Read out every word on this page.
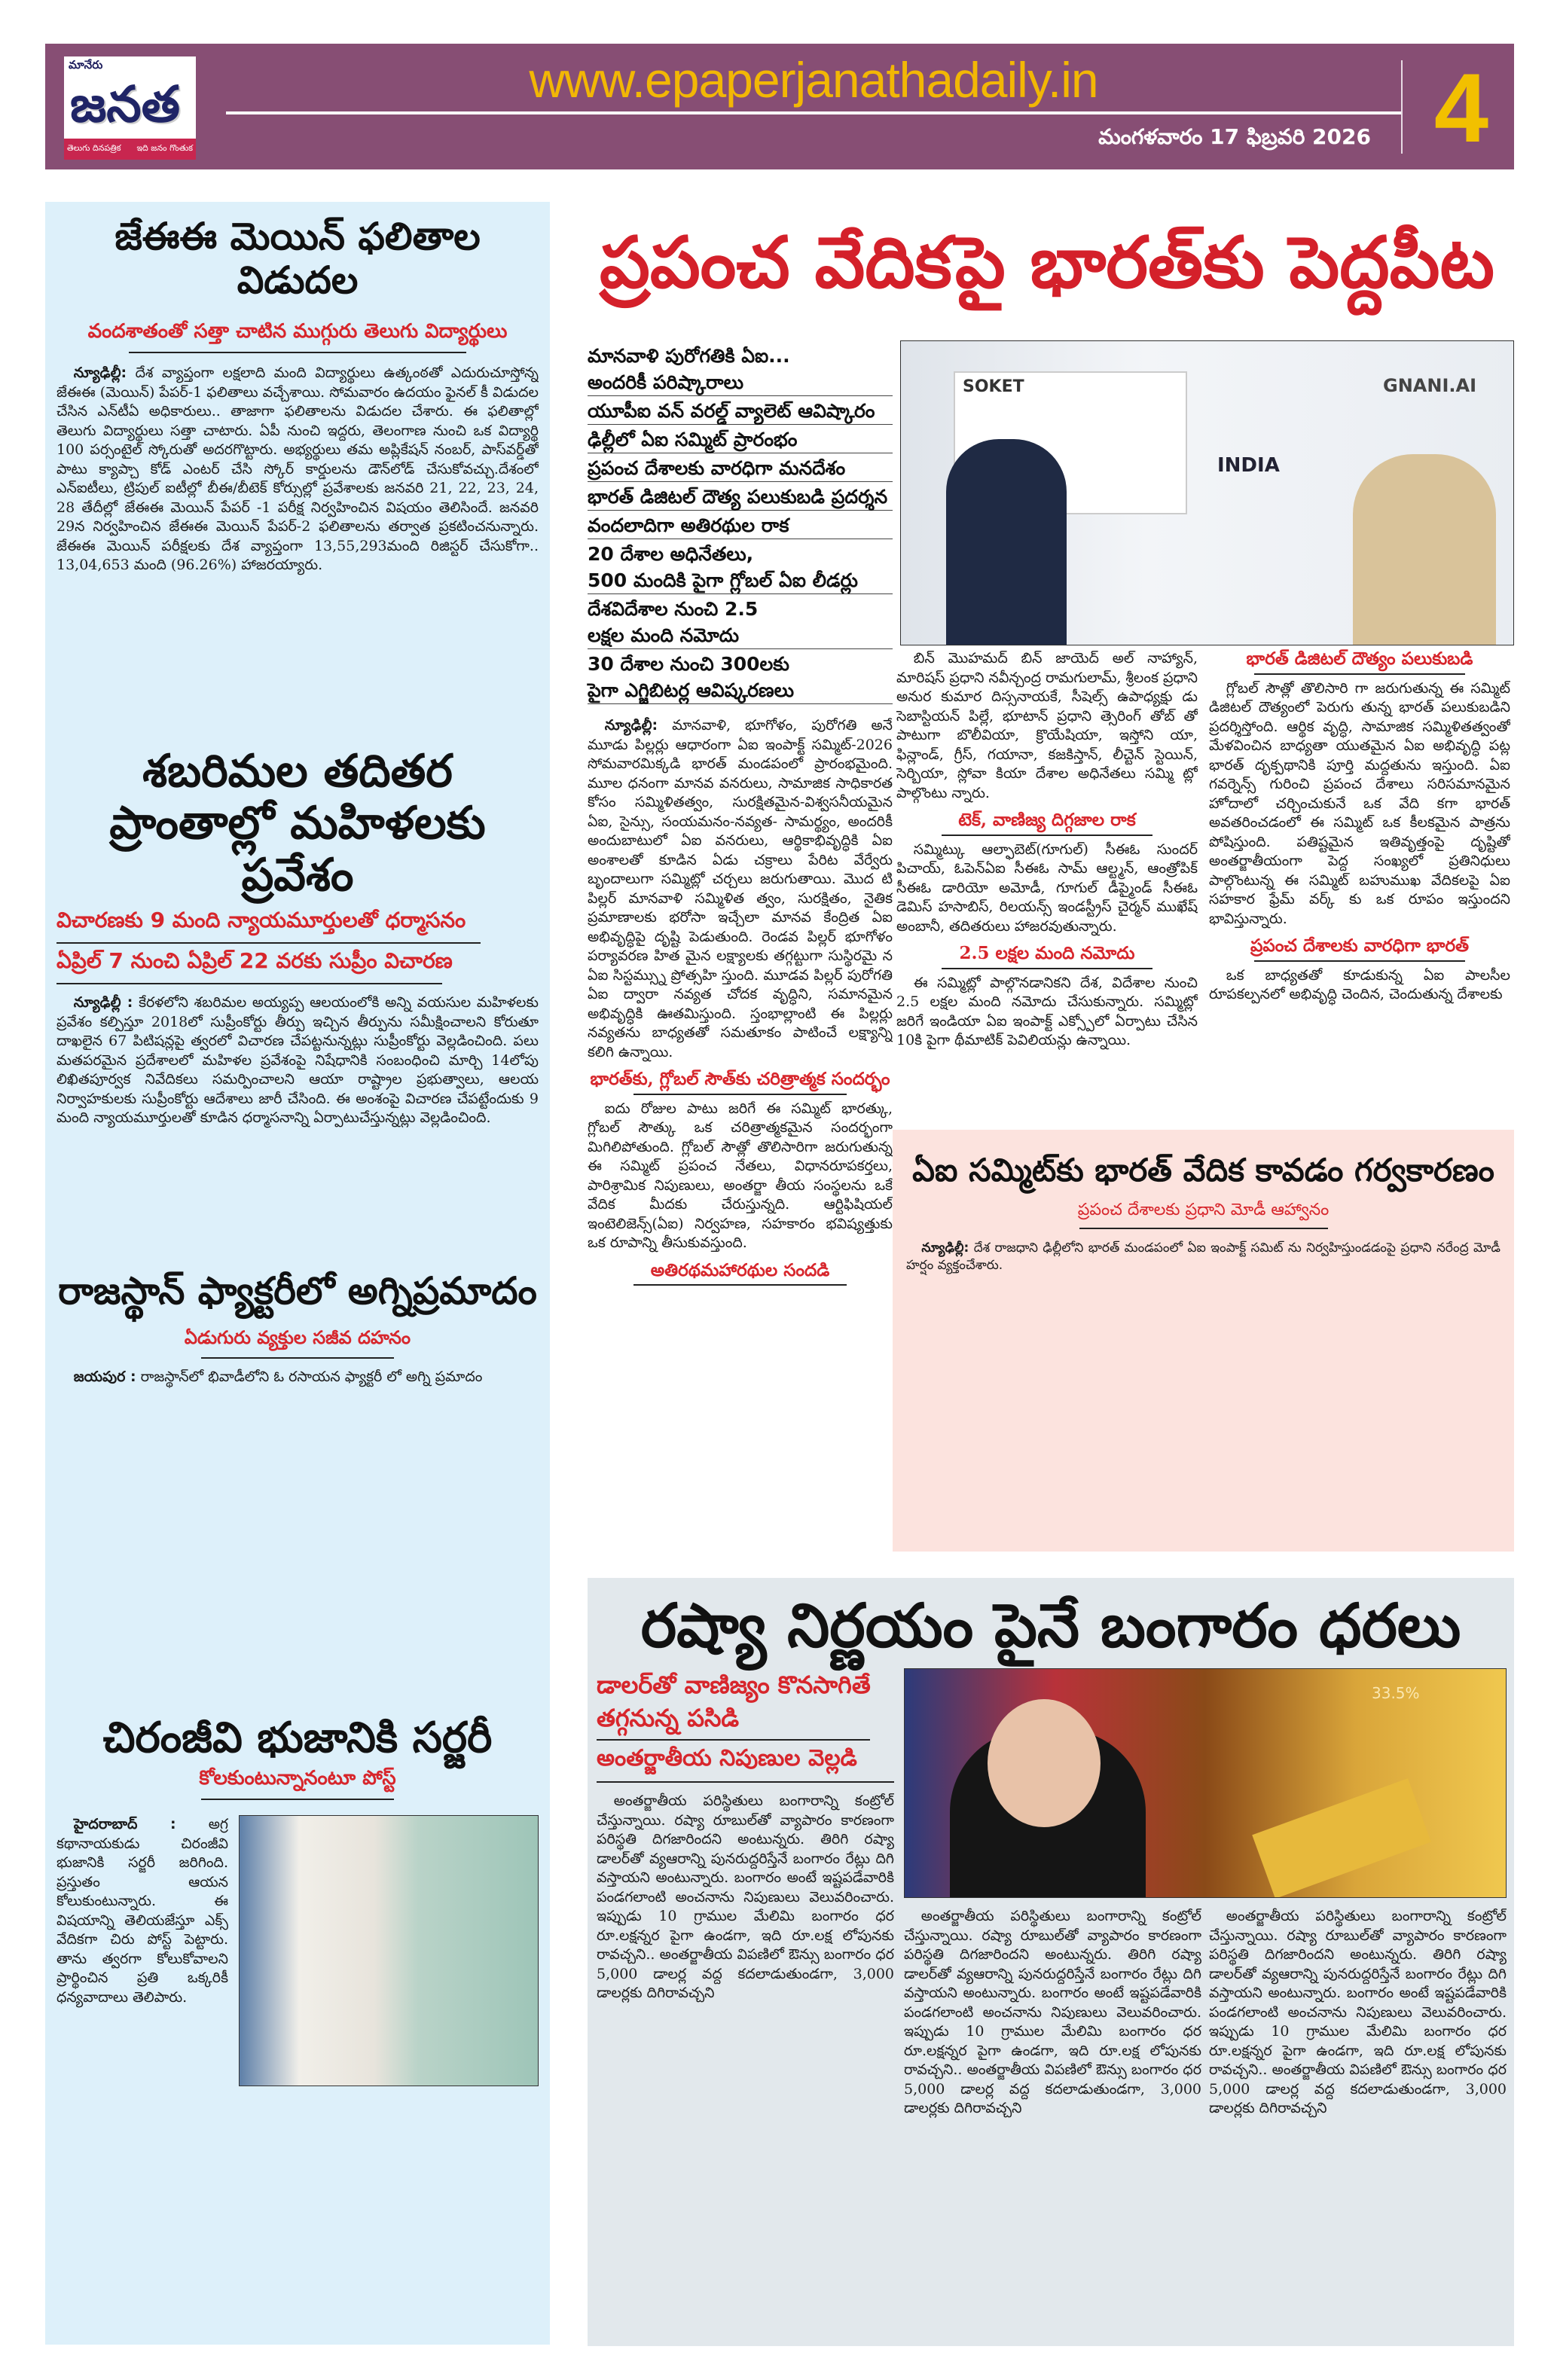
మానేరు
జనత
తెలుగు దినపత్రిక ఇది జనం గొంతుక
www.epaperjanathadaily.in
మంగళవారం 17 ఫిబ్రవరి 2026 4
జేఈఈ మెయిన్ ఫలితాల విడుదల
వందశాతంతో సత్తా చాటిన ముగ్గురు తెలుగు విద్యార్థులు

న్యూఢిల్లీ: దేశ వ్యాప్తంగా లక్షలాది మంది విద్యార్థులు ఉత్కంఠతో ఎదురుచూస్తోన్న జేఈఈ (మెయిన్) పేపర్-1 ఫలితాలు వచ్చేశాయి. సోమవారం ఉదయం ఫైనల్ కీ విడుదల చేసిన ఎన్‌టీఏ అధికారులు.. తాజాగా ఫలితాలను విడుదల చేశారు. ఈ ఫలితాల్లో తెలుగు విద్యార్థులు సత్తా చాటారు. ఏపీ నుంచి ఇద్దరు, తెలంగాణ నుంచి ఒక విద్యార్థి 100 పర్సంటైల్ స్కోరుతో అదరగొట్టారు. అభ్యర్థులు తమ అప్లికేషన్ నంబర్, పాస్‌వర్డ్‌తో పాటు క్యాప్చా కోడ్ ఎంటర్ చేసి స్కోర్ కార్డులను డౌన్‌లోడ్ చేసుకోవచ్చు.దేశంలో ఎన్ఐటీలు, ట్రిపుల్ ఐటీల్లో బీఈ/బీటెక్ కోర్సుల్లో ప్రవేశాలకు జనవరి 21, 22, 23, 24, 28 తేదీల్లో జేఈఈ మెయిన్ పేపర్ -1 పరీక్ష నిర్వహించిన విషయం తెలిసిందే. జనవరి 29న నిర్వహించిన జేఈఈ మెయిన్ పేపర్-2 ఫలితాలను తర్వాత ప్రకటించనున్నారు. జేఈఈ మెయిన్ పరీక్షలకు దేశ వ్యాప్తంగా 13,55,293మంది రిజిస్టర్ చేసుకోగా.. 13,04,653 మంది (96.26%) హాజరయ్యారు.

శబరిమల తదితర ప్రాంతాల్లో మహిళలకు ప్రవేశం
విచారణకు 9 మంది న్యాయమూర్తులతో ధర్మాసనం
ఏప్రిల్ 7 నుంచి ఏప్రిల్ 22 వరకు సుప్రీం విచారణ

న్యూఢిల్లీ : కేరళలోని శబరిమల అయ్యప్ప ఆలయంలోకి అన్ని వయసుల మహిళలకు ప్రవేశం కల్పిస్తూ 2018లో సుప్రీంకోర్టు తీర్పు ఇచ్చిన తీర్పును సమీక్షించాలని కోరుతూ దాఖలైన 67 పిటిషన్లపై త్వరలో విచారణ చేపట్టనున్నట్లు సుప్రీంకోర్టు వెల్లడించింది. పలు మతపరమైన ప్రదేశాలలో మహిళల ప్రవేశంపై నిషేధానికి సంబంధించి మార్చి 14లోపు లిఖితపూర్వక నివేదికలు సమర్పించాలని ఆయా రాష్ట్రాల ప్రభుత్వాలు, ఆలయ నిర్వాహకులకు సుప్రీంకోర్టు ఆదేశాలు జారీ చేసింది. ఈ అంశంపై విచారణ చేపట్టేందుకు 9 మంది న్యాయమూర్తులతో కూడిన ధర్మాసనాన్ని ఏర్పాటుచేస్తున్నట్లు వెల్లడించింది.

రాజస్థాన్ ఫ్యాక్టరీలో అగ్నిప్రమాదం
ఏడుగురు వ్యక్తుల సజీవ దహనం

జయపుర : రాజస్థాన్‌లో భివాడీలోని ఓ రసాయన ఫ్యాక్టరీ లో అగ్ని ప్రమాదం

చిరంజీవి భుజానికి సర్జరీ
కోలకుంటున్నానంటూ పోస్ట్

హైదరాబాద్ : అగ్ర కథానాయకుడు చిరంజీవి భుజానికి సర్జరీ జరిగింది. ప్రస్తుతం ఆయన కోలుకుంటున్నారు. ఈ విషయాన్ని తెలియజేస్తూ ఎక్స్ వేదికగా చిరు పోస్ట్ పెట్టారు. తాను త్వరగా కోలుకోవాలని ప్రార్థించిన ప్రతి ఒక్కరికీ ధన్యవాదాలు తెలిపారు.

ప్రపంచ వేదికపై భారత్‌కు పెద్దపీట
మానవాళి పురోగతికి ఏఐ...
అందరికీ పరిష్కారాలు
యూపీఐ వన్ వరల్డ్ వ్యాలెట్ ఆవిష్కారం
ఢిల్లీలో ఏఐ సమ్మిట్ ప్రారంభం
ప్రపంచ దేశాలకు వారధిగా మనదేశం
భారత్ డిజిటల్ దౌత్య పలుకుబడి ప్రదర్శన
వందలాదిగా అతిరథుల రాక
20 దేశాల అధినేతలు,
500 మందికి పైగా గ్లోబల్ ఏఐ లీడర్లు
దేశవిదేశాల నుంచి 2.5
లక్షల మంది నమోదు
30 దేశాల నుంచి 300లకు
పైగా ఎగ్జిబిటర్ల ఆవిష్కరణలు

న్యూఢిల్లీ: మానవాళి, భూగోళం, పురోగతి అనే మూడు పిల్లర్లు ఆధారంగా ఏఐ ఇంపాక్ట్ సమ్మిట్-2026 సోమవారమిక్కడి భారత్ మండపంలో ప్రారంభమైంది. మూల ధనంగా మానవ వనరులు, సామాజిక సాధికారత కోసం సమ్మిళితత్వం, సురక్షితమైన-విశ్వసనీయమైన ఏఐ, సైన్సు, సంయమనం-నవ్యత- సామర్థ్యం, అందరికీ అందుబాటులో ఏఐ వనరులు, ఆర్థికాభివృద్ధికి ఏఐ అంశాలతో కూడిన ఏడు చక్రాలు పేరిట వేర్వేరు బృందాలుగా సమ్మిట్లో చర్చలు జరుగుతాయి. మొద టి పిల్లర్ మానవాళి సమ్మిళిత త్వం, సురక్షితం, నైతిక ప్రమాణాలకు భరోసా ఇచ్చేలా మానవ కేంద్రిత ఏఐ అభివృద్ధిపై దృష్టి పెడుతుంది. రెండవ పిల్లర్ భూగోళం పర్యావరణ హిత మైన లక్ష్యాలకు తగ్గట్టుగా సుస్థిరమై న ఏఐ సిస్టమ్స్ను ప్రోత్సహి స్తుంది. మూడవ పిల్లర్ పురోగతి ఏఐ ద్వారా నవ్యత చోదక వృద్ధిని, సమానమైన అభివృద్ధికి ఊతమిస్తుంది. స్తంభాల్లాంటి ఈ పిల్లర్లు నవ్యతను బాధ్యతతో సమతూకం పాటించే లక్ష్యాన్ని కలిగి ఉన్నాయి.

భారత్‌కు, గ్లోబల్ సౌత్‌కు చరిత్రాత్మక సందర్భం

ఐదు రోజుల పాటు జరిగే ఈ సమ్మిట్ భారత్కు, గ్లోబల్ సౌత్కు ఒక చరిత్రాత్మకమైన సందర్భంగా మిగిలిపోతుంది. గ్లోబల్ సౌత్లో తొలిసారిగా జరుగుతున్న ఈ సమ్మిట్ ప్రపంచ నేతలు, విధానరూపకర్తలు, పారిశ్రామిక నిపుణులు, అంతర్జా తీయ సంస్థలను ఒకే వేదిక మీదకు చేరుస్తున్నది. ఆర్టిఫిషియల్ ఇంటెలిజెన్స్(ఏఐ) నిర్వహణ, సహకారం భవిష్యత్తుకు ఒక రూపాన్ని తీసుకువస్తుంది.

అతిరథమహారథుల సందడి
SOKET	GNANI.AI
INDIA

బిన్ మొహమద్ బిన్ జాయెద్ అల్ నాహ్యాన్, మారిషస్ ప్రధాని నవీన్చంద్ర రామగులామ్, శ్రీలంక ప్రధాని అనుర కుమార దిస్సనాయకే, సీషెల్స్ ఉపాధ్యక్షు డు సెబాస్టియన్ పిల్లే, భూటాన్ ప్రధాని త్సెరింగ్ తోబ్ తో పాటుగా బొలీవియా, క్రొయేషియా, ఇస్తోని యా, ఫిన్లాండ్, గ్రీస్, గయానా, కజకిస్తాన్, లీచ్టెన్ స్టెయిన్, సెర్బియా, స్లోవా కియా దేశాల అధినేతలు సమ్మి ట్లో పాల్గొంటు న్నారు.

టెక్, వాణిజ్య దిగ్గజాల రాక

సమ్మిట్కు ఆల్ఫాబెట్(గూగుల్) సీఈఓ సుందర్ పిచాయ్, ఓపెన్ఏఐ సీఈఓ సామ్ ఆల్ట్మన్, ఆంత్రోపిక్ సీఈఓ డారియో అమోడీ, గూగుల్ డీప్మైండ్ సీఈఓ డెమిస్ హసాబిస్, రిలయన్స్ ఇండస్ట్రీస్ చైర్మన్ ముఖేష్ అంబానీ, తదితరులు హాజరవుతున్నారు.

2.5 లక్షల మంది నమోదు

ఈ సమ్మిట్లో పాల్గొనడానికని దేశ, విదేశాల నుంచి 2.5 లక్షల మంది నమోదు చేసుకున్నారు. సమ్మిట్లో జరిగే ఇండియా ఏఐ ఇంపాక్ట్ ఎక్స్పోలో ఏర్పాటు చేసిన 10కి పైగా థీమాటిక్ పెవిలియన్లు ఉన్నాయి.

భారత్ డిజిటల్ దౌత్యం పలుకుబడి

గ్లోబల్ సౌత్లో తొలిసారి గా జరుగుతున్న ఈ సమ్మిట్ డిజిటల్ దౌత్యంలో పెరుగు తున్న భారత్ పలుకుబడిని ప్రదర్శిస్తోంది. ఆర్థిక వృద్ధి, సామాజిక సమ్మిళితత్వంతో మేళవించిన బాధ్యతా యుతమైన ఏఐ అభివృద్ధి పట్ల భారత్ దృక్పథానికి పూర్తి మద్దతును ఇస్తుంది. ఏఐ గవర్నెన్స్ గురించి ప్రపంచ దేశాలు సరిసమానమైన హోదాలో చర్చించుకునే ఒక వేది కగా భారత్ అవతరించడంలో ఈ సమ్మిట్ ఒక కీలకమైన పాత్రను పోషిస్తుంది. పతిష్టమైన ఇతివృత్తంపై దృష్టితో అంతర్జాతీయంగా పెద్ద సంఖ్యలో ప్రతినిధులు పాల్గొంటున్న ఈ సమ్మిట్ బహుముఖ వేదికలపై ఏఐ సహకార ఫ్రేమ్ వర్క్ కు ఒక రూపం ఇస్తుందని భావిస్తున్నారు.

ప్రపంచ దేశాలకు వారధిగా భారత్

ఒక బాధ్యతతో కూడుకున్న ఏఐ పాలసీల రూపకల్పనలో అభివృద్ధి చెందిన, చెందుతున్న దేశాలకు

ఏఐ సమ్మిట్‌కు భారత్ వేదిక కావడం గర్వకారణం
ప్రపంచ దేశాలకు ప్రధాని మోడీ ఆహ్వానం

న్యూఢిల్లీ: దేశ రాజధాని ఢిల్లీలోని భారత్ మండపంలో ఏఐ ఇంపాక్ట్ సమిట్ ను నిర్వహిస్తుండడంపై ప్రధాని నరేంద్ర మోడీ హర్షం వ్యక్తంచేశారు.

రష్యా నిర్ణయం పైనే బంగారం ధరలు
డాలర్‌తో వాణిజ్యం కొనసాగితే తగ్గనున్న పసిడి
అంతర్జాతీయ నిపుణుల వెల్లడి

అంతర్జాతీయ పరిస్థితులు బంగారాన్ని కంట్రోల్ చేస్తున్నాయి. రష్యా రూబుల్‌తో వ్యాపారం కారణంగా పరిస్థతి దిగజారిందని అంటున్నరు. తిరిగి రష్యా డాలర్‌తో వ్యఆరాన్ని పునరుద్దరిస్తేనే బంగారం రేట్లు దిగి వస్తాయని అంటున్నారు. బంగారం అంటే ఇష్టపడేవారికి పండగలాంటి అంచనాను నిపుణులు వెలువరించారు. ఇప్పుడు 10 గ్రాముల మేలిమి బంగారం ధర రూ.లక్షన్నర పైగా ఉండగా, ఇది రూ.లక్ష లోపునకు రావచ్చని.. అంతర్జాతీయ విపణిలో ఔన్సు బంగారం ధర 5,000 డాలర్ల వద్ద కదలాడుతుండగా, 3,000 డాలర్లకు దిగిరావచ్చని

33.5%

అంతర్జాతీయ పరిస్థితులు బంగారాన్ని కంట్రోల్ చేస్తున్నాయి. రష్యా రూబుల్‌తో వ్యాపారం కారణంగా పరిస్థతి దిగజారిందని అంటున్నరు. తిరిగి రష్యా డాలర్‌తో వ్యఆరాన్ని పునరుద్దరిస్తేనే బంగారం రేట్లు దిగి వస్తాయని అంటున్నారు. బంగారం అంటే ఇష్టపడేవారికి పండగలాంటి అంచనాను నిపుణులు వెలువరించారు. ఇప్పుడు 10 గ్రాముల మేలిమి బంగారం ధర రూ.లక్షన్నర పైగా ఉండగా, ఇది రూ.లక్ష లోపునకు రావచ్చని.. అంతర్జాతీయ విపణిలో ఔన్సు బంగారం ధర 5,000 డాలర్ల వద్ద కదలాడుతుండగా, 3,000 డాలర్లకు దిగిరావచ్చని

అంతర్జాతీయ పరిస్థితులు బంగారాన్ని కంట్రోల్ చేస్తున్నాయి. రష్యా రూబుల్‌తో వ్యాపారం కారణంగా పరిస్థతి దిగజారిందని అంటున్నరు. తిరిగి రష్యా డాలర్‌తో వ్యఆరాన్ని పునరుద్దరిస్తేనే బంగారం రేట్లు దిగి వస్తాయని అంటున్నారు. బంగారం అంటే ఇష్టపడేవారికి పండగలాంటి అంచనాను నిపుణులు వెలువరించారు. ఇప్పుడు 10 గ్రాముల మేలిమి బంగారం ధర రూ.లక్షన్నర పైగా ఉండగా, ఇది రూ.లక్ష లోపునకు రావచ్చని.. అంతర్జాతీయ విపణిలో ఔన్సు బంగారం ధర 5,000 డాలర్ల వద్ద కదలాడుతుండగా, 3,000 డాలర్లకు దిగిరావచ్చని
